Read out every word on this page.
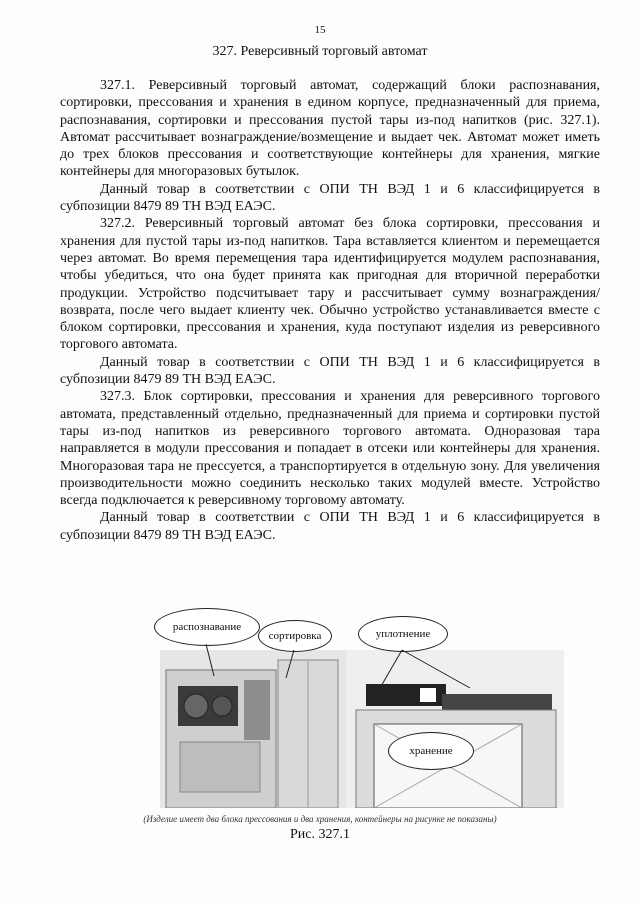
15
327. Реверсивный торговый автомат

327.1. Реверсивный торговый автомат, содержащий блоки распознавания, сортировки, прессования и хранения в едином корпусе, предназначенный для приема, распознавания, сортировки и прессования пустой тары из-под напитков (рис. 327.1). Автомат рассчитывает вознаграждение/возмещение и выдает чек. Автомат может иметь до трех блоков прессования и соответствующие контейнеры для хранения, мягкие контейнеры для многоразовых бутылок.

Данный товар в соответствии с ОПИ ТН ВЭД 1 и 6 классифицируется в субпозиции 8479 89 ТН ВЭД ЕАЭС.

327.2. Реверсивный торговый автомат без блока сортировки, прессования и хранения для пустой тары из-под напитков. Тара вставляется клиентом и перемещается через автомат. Во время перемещения тара идентифицируется модулем распознавания, чтобы убедиться, что она будет принята как пригодная для вторичной переработки продукции. Устройство подсчитывает тару и рассчитывает сумму вознаграждения/возврата, после чего выдает клиенту чек. Обычно устройство устанавливается вместе с блоком сортировки, прессования и хранения, куда поступают изделия из реверсивного торгового автомата.

Данный товар в соответствии с ОПИ ТН ВЭД 1 и 6 классифицируется в субпозиции 8479 89 ТН ВЭД ЕАЭС.

327.3. Блок сортировки, прессования и хранения для реверсивного торгового автомата, представленный отдельно, предназначенный для приема и сортировки пустой тары из-под напитков из реверсивного торгового автомата. Одноразовая тара направляется в модули прессования и попадает в отсеки или контейнеры для хранения. Многоразовая тара не прессуется, а транспортируется в отдельную зону. Для увеличения производительности можно соединить несколько таких модулей вместе. Устройство всегда подключается к реверсивному торговому автомату.

Данный товар в соответствии с ОПИ ТН ВЭД 1 и 6 классифицируется в субпозиции 8479 89 ТН ВЭД ЕАЭС.

распознавание
сортировка	уплотнение
хранение
(Изделие имеет два блока прессования и два хранения, контейнеры на рисунке не показаны)
Рис. 327.1
